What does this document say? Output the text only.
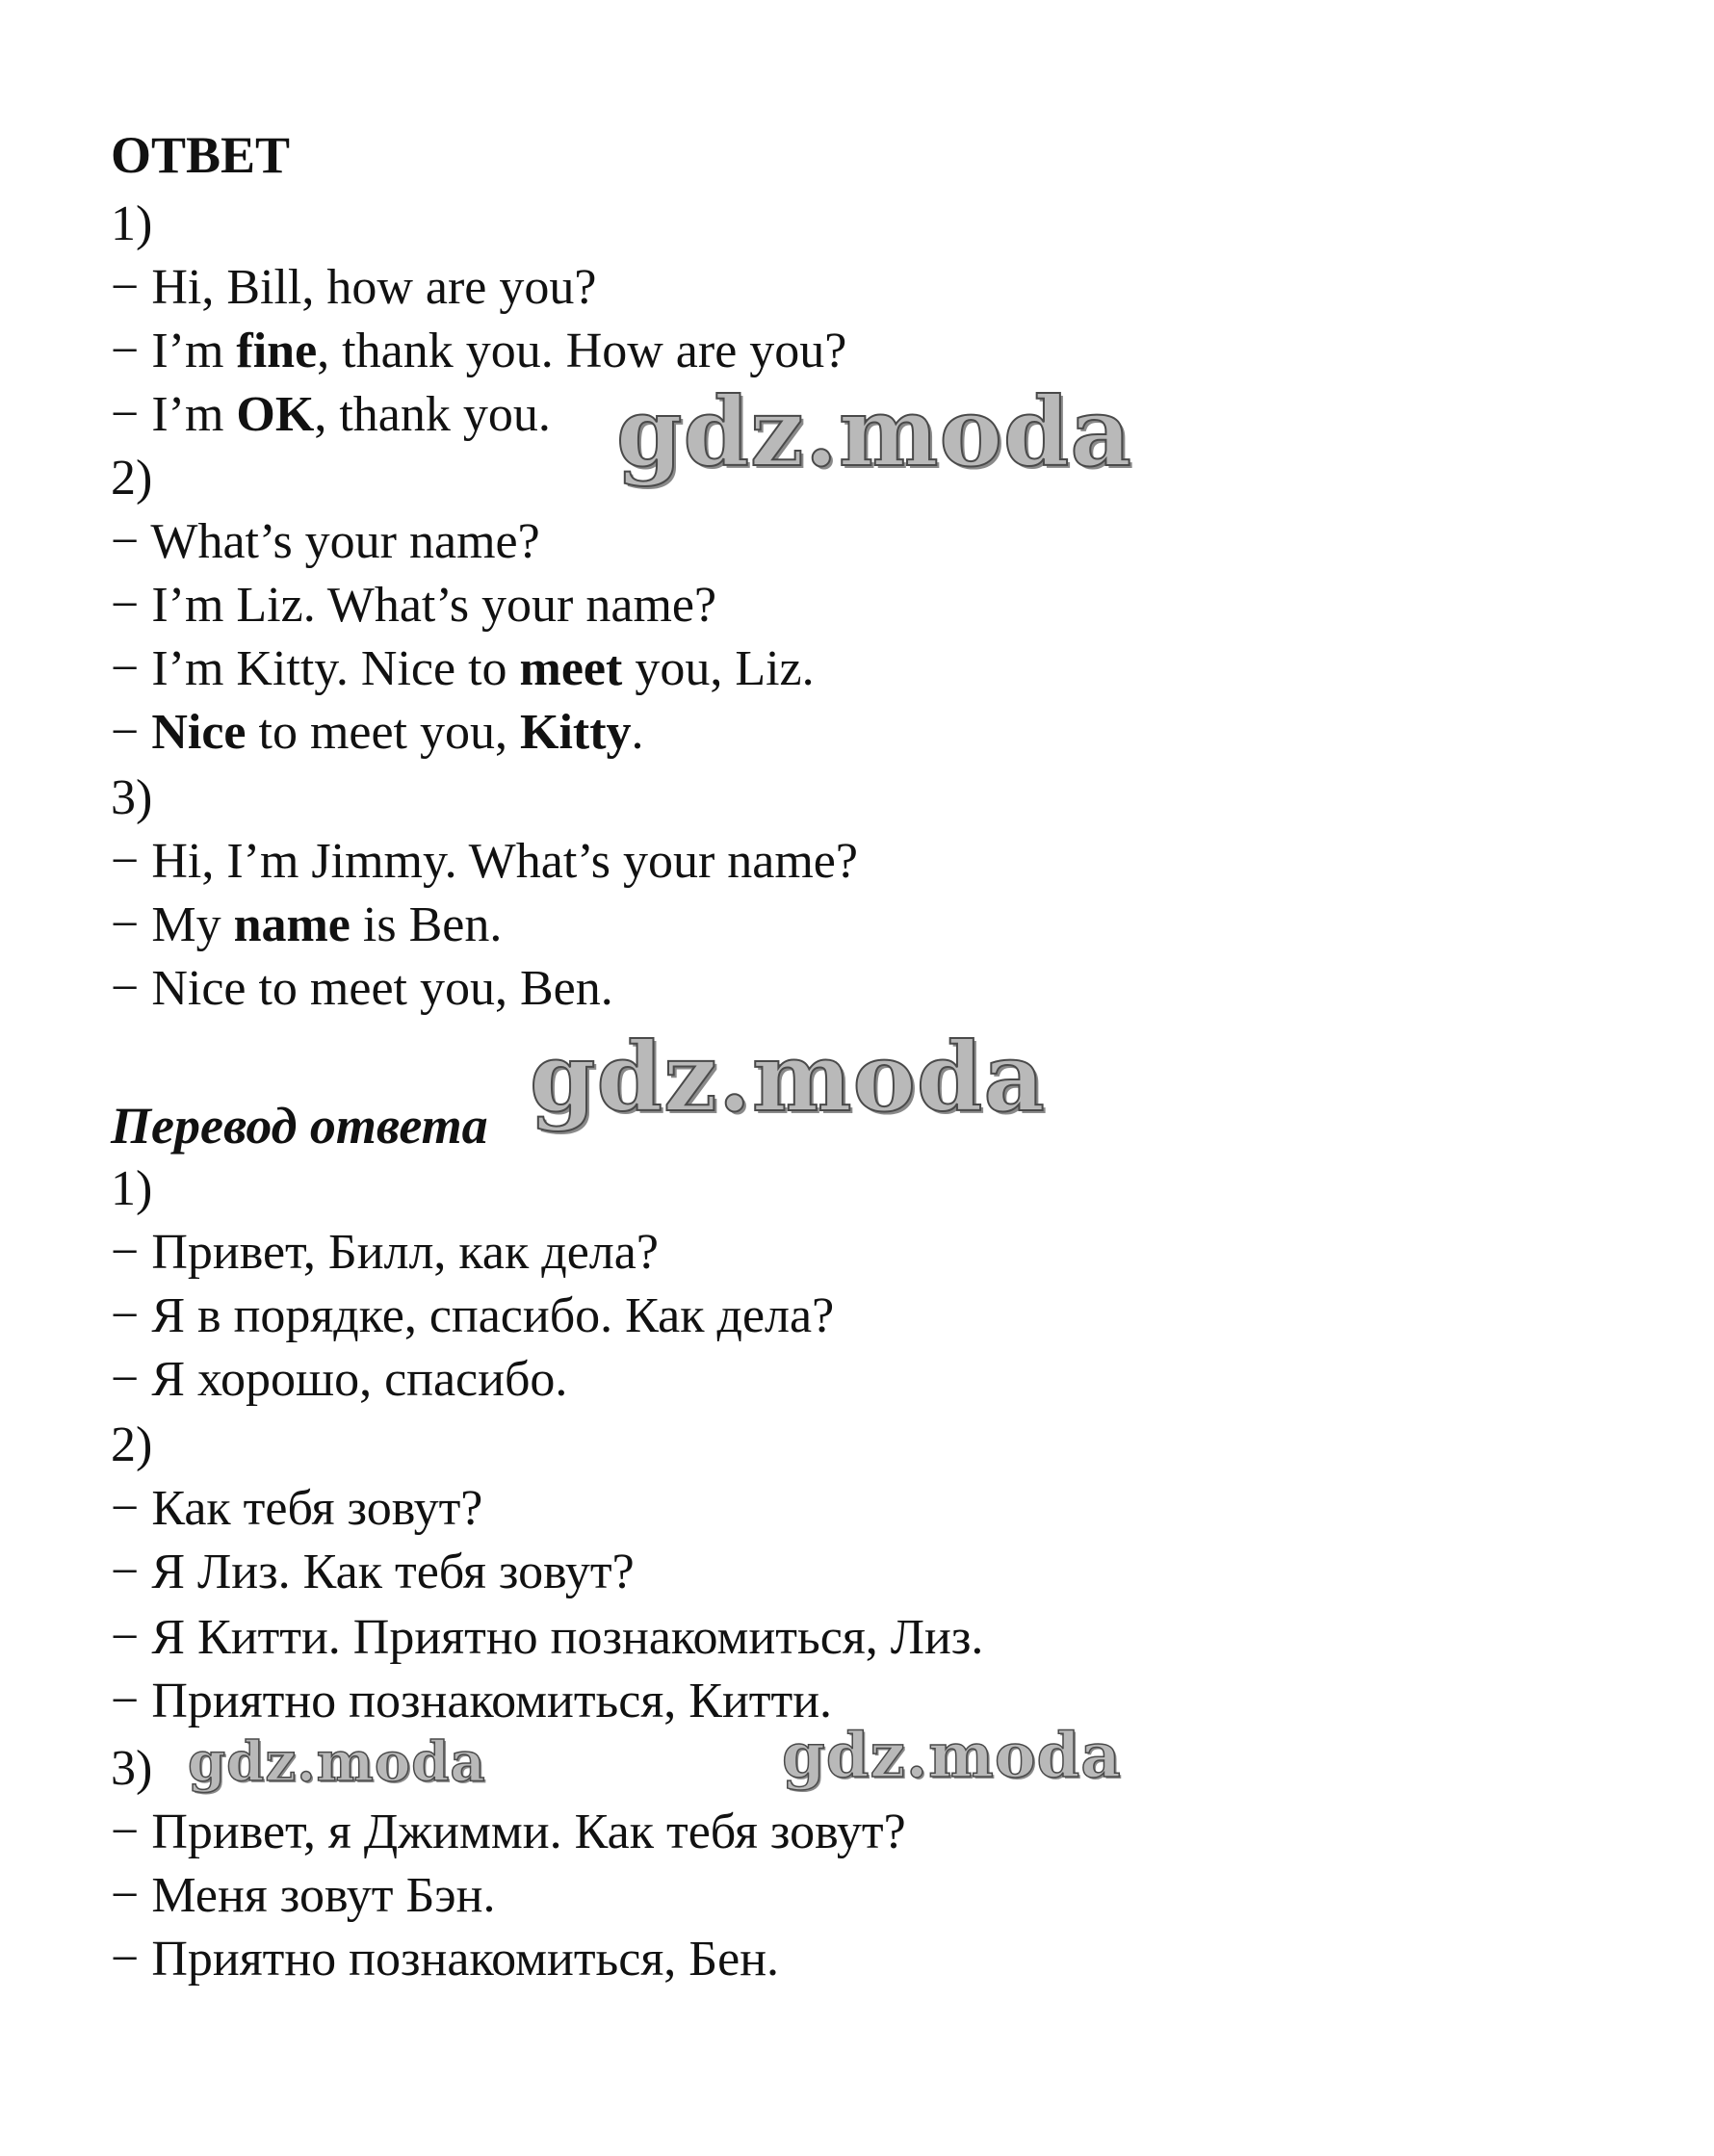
ОТВЕТ
1)
− Hi, Bill, how are you?
− I’m fine, thank you. How are you?
− I’m OK, thank you.
2)
− What’s your name?
− I’m Liz. What’s your name?
− I’m Kitty. Nice to meet you, Liz.
− Nice to meet you, Kitty.
3)
− Hi, I’m Jimmy. What’s your name?
− My name is Ben.
− Nice to meet you, Ben.
Перевод ответа
1)
− Привет, Билл, как дела?
− Я в порядке, спасибо. Как дела?
− Я хорошо, спасибо.
2)
− Как тебя зовут?
− Я Лиз. Как тебя зовут?
− Я Китти. Приятно познакомиться, Лиз.
− Приятно познакомиться, Китти.
3)
− Привет, я Джимми. Как тебя зовут?
− Меня зовут Бэн.
− Приятно познакомиться, Бен.
gdz.moda
gdz.moda
gdz.moda	gdz.moda
